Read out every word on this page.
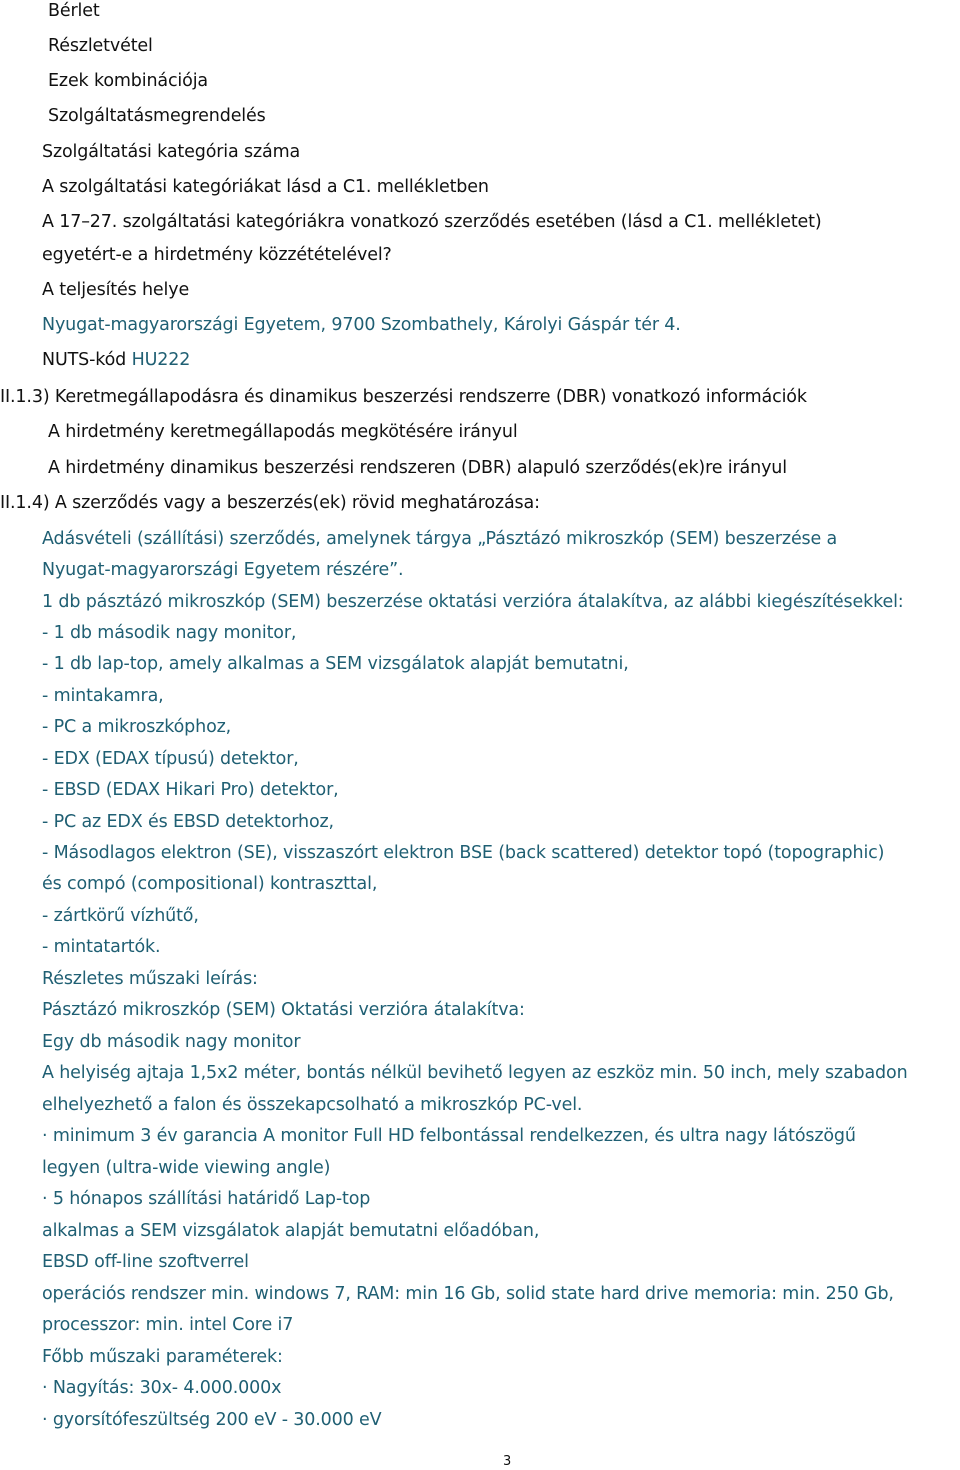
Bérlet
Részletvétel
Ezek kombinációja
Szolgáltatásmegrendelés
Szolgáltatási kategória száma
A szolgáltatási kategóriákat lásd a C1. mellékletben
A 17–27. szolgáltatási kategóriákra vonatkozó szerződés esetében (lásd a C1. mellékletet)
egyetért-e a hirdetmény közzétételével?
A teljesítés helye
Nyugat-magyarországi Egyetem, 9700 Szombathely, Károlyi Gáspár tér 4.
NUTS-kód HU222
II.1.3) Keretmegállapodásra és dinamikus beszerzési rendszerre (DBR) vonatkozó információk
A hirdetmény keretmegállapodás megkötésére irányul
A hirdetmény dinamikus beszerzési rendszeren (DBR) alapuló szerződés(ek)re irányul
II.1.4) A szerződés vagy a beszerzés(ek) rövid meghatározása:
Adásvételi (szállítási) szerződés, amelynek tárgya „Pásztázó mikroszkóp (SEM) beszerzése a
Nyugat-magyarországi Egyetem részére”.
1 db pásztázó mikroszkóp (SEM) beszerzése oktatási verzióra átalakítva, az alábbi kiegészítésekkel:
- 1 db második nagy monitor,
- 1 db lap-top, amely alkalmas a SEM vizsgálatok alapját bemutatni,
- mintakamra,
- PC a mikroszkóphoz,
- EDX (EDAX típusú) detektor,
- EBSD (EDAX Hikari Pro) detektor,
- PC az EDX és EBSD detektorhoz,
- Másodlagos elektron (SE), visszaszórt elektron BSE (back scattered) detektor topó (topographic)
és compó (compositional) kontraszttal,
- zártkörű vízhűtő,
- mintatartók.
Részletes műszaki leírás:
Pásztázó mikroszkóp (SEM) Oktatási verzióra átalakítva:
Egy db második nagy monitor
A helyiség ajtaja 1,5x2 méter, bontás nélkül bevihető legyen az eszköz min. 50 inch, mely szabadon
elhelyezhető a falon és összekapcsolható a mikroszkóp PC-vel.
· minimum 3 év garancia A monitor Full HD felbontással rendelkezzen, és ultra nagy látószögű
legyen (ultra-wide viewing angle)
· 5 hónapos szállítási határidő Lap-top
alkalmas a SEM vizsgálatok alapját bemutatni előadóban,
EBSD off-line szoftverrel
operációs rendszer min. windows 7, RAM: min 16 Gb, solid state hard drive memoria: min. 250 Gb,
processzor: min. intel Core i7
Főbb műszaki paraméterek:
· Nagyítás: 30x- 4.000.000x
· gyorsítófeszültség 200 eV - 30.000 eV
3
